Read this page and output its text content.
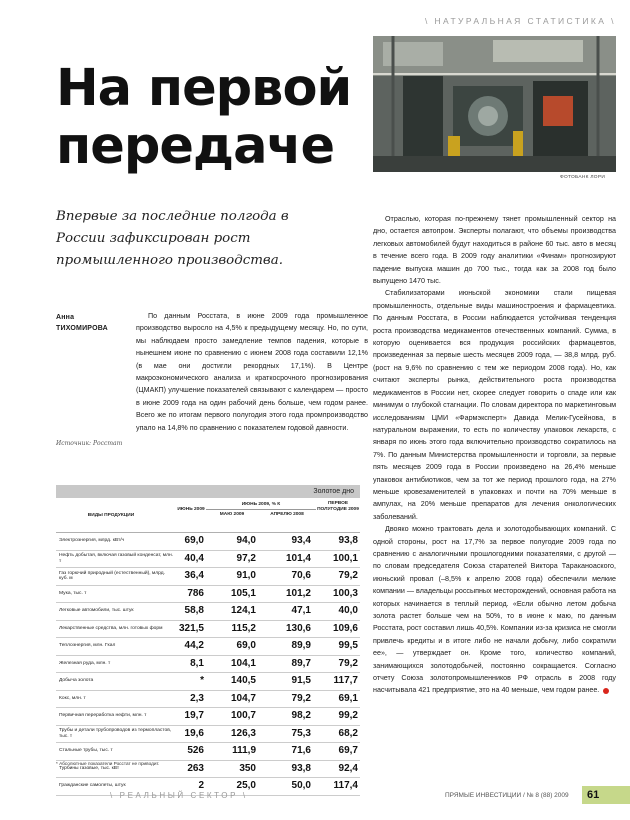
\ НАТУРАЛЬНАЯ СТАТИСТИКА \
На первой
передаче
ФОТОБАНК ЛОРИ

Впервые за последние полгода в России зафиксирован рост промышленного производства.

Анна
ТИХОМИРОВА
Источник: Росстат

По данным Росстата, в июне 2009 года промышленное производство выросло на 4,5% к предыдущему месяцу. Но, по сути, мы наблюдаем просто замедление темпов падения, которые в нынешнем июне по сравнению с июнем 2008 года составили 12,1% (в мае они достигли рекордных 17,1%). В Центре макроэкономического анализа и краткосрочного прогнозирования (ЦМАКП) улучшение показателей связывают с календарем — просто в июне 2009 года на один рабочий день больше, чем годом ранее. Всего же по итогам первого полугодия этого года промпроизводство упало на 14,8% по сравнению с показателем годовой давности.

Отраслью, которая по-прежнему тянет промышленный сектор на дно, остается автопром. Эксперты полагают, что объемы производства легковых автомобилей будут находиться в районе 60 тыс. авто в месяц в течение всего года. В 2009 году аналитики «Финам» прогнозируют падение выпуска машин до 700 тыс., тогда как за 2008 год было выпущено 1470 тыс.

Стабилизаторами июньской экономики стали пищевая промышленность, отдельные виды машиностроения и фармацевтика. По данным Росстата, в России наблюдается устойчивая тенденция роста производства медикаментов отечественных компаний. Сумма, в которую оценивается вся продукция российских фармацевтов, произведенная за первые шесть месяцев 2009 года, — 38,8 млрд. руб. (рост на 9,6% по сравнению с тем же периодом 2008 года). Но, как считают эксперты рынка, действительного роста производства медикаментов в России нет, скорее следует говорить о спаде или как минимум о глубокой стагнации. По словам директора по маркетинговым исследованиям ЦМИ «Фармэксперт» Давида Мелик-Гусейнова, в натуральном выражении, то есть по количеству упаковок лекарств, с января по июнь этого года включительно производство сократилось на 7%. По данным Министерства промышленности и торговли, за первые пять месяцев 2009 года в России произведено на 26,4% меньше упаковок антибиотиков, чем за тот же период прошлого года, на 27% меньше кровезаменителей в упаковках и почти на 70% меньше в ампулах, на 20% меньше препаратов для лечения онкологических заболеваний.

Двояко можно трактовать дела и золотодобывающих компаний. С одной стороны, рост на 17,7% за первое полугодие 2009 года по сравнению с аналогичными прошлогодними показателями, с другой — по словам председателя Союза старателей Виктора Тараканоаского, июньский провал (–8,5% к апрелю 2008 года) обеспечили мелкие компании — владельцы россыпных месторождений, основная работа на которых начинается в теплый период. «Если обычно летом добыча золота растет больше чем на 50%, то в июне к маю, по данным Росстата, рост составил лишь 40,5%. Компании из-за кризиса не смогли привлечь кредиты и в итоге либо не начали добычу, либо сократили ее», — утверждает он. Кроме того, количество компаний, занимающихся золотодобычей, постоянно сокращается. Согласно отчету Союза золотопромышленников РФ отрасль в 2008 году насчитывала 421 предприятие, это на 40 меньше, чем годом ранее.

Золотое дно
ВИДЫ ПРОДУКЦИИ
ИЮНЬ 2009
ИЮНЬ 2009, % К
МАЮ 2009	АПРЕЛЮ 2008
ПЕРВОЕ ПОЛУГОДИЕ 2009
Электроэнергия, млрд. кВт/ч	69,0	94,0	93,4	93,8
Нефть добытая, включая газовый конденсат, млн. т	40,4	97,2	101,4	100,1
Газ горючий природный (естественный), млрд. куб. м	36,4	91,0	70,6	79,2
Мука, тыс. т	786	105,1	101,2	100,3
Легковые автомобили, тыс. штук	58,8	124,1	47,1	40,0
Лекарственные средства, млн. готовых форм	321,5	115,2	130,6	109,6
Теплоэнергия, млн. Гкал	44,2	69,0	89,9	99,5
Железная руда, млн. т	8,1	104,1	89,7	79,2
Добыча золота	*	140,5	91,5	117,7
Кокс, млн. т	2,3	104,7	79,2	69,1
Первичная переработка нефти, млн. т	19,7	100,7	98,2	99,2
Трубы и детали трубопроводов из термопластов, тыс. т	19,6	126,3	75,3	68,2
Стальные трубы, тыс. т	526	111,9	71,6	69,7
Турбины газовые, тыс. кВт	263	350	93,8	92,4
Гражданские самолеты, штук	2	25,0	50,0	117,4
* Абсолютные показатели Росстат не приводит.
\ РЕАЛЬНЫЙ СЕКТОР \	ПРЯМЫЕ ИНВЕСТИЦИИ / № 8 (88) 2009 61
